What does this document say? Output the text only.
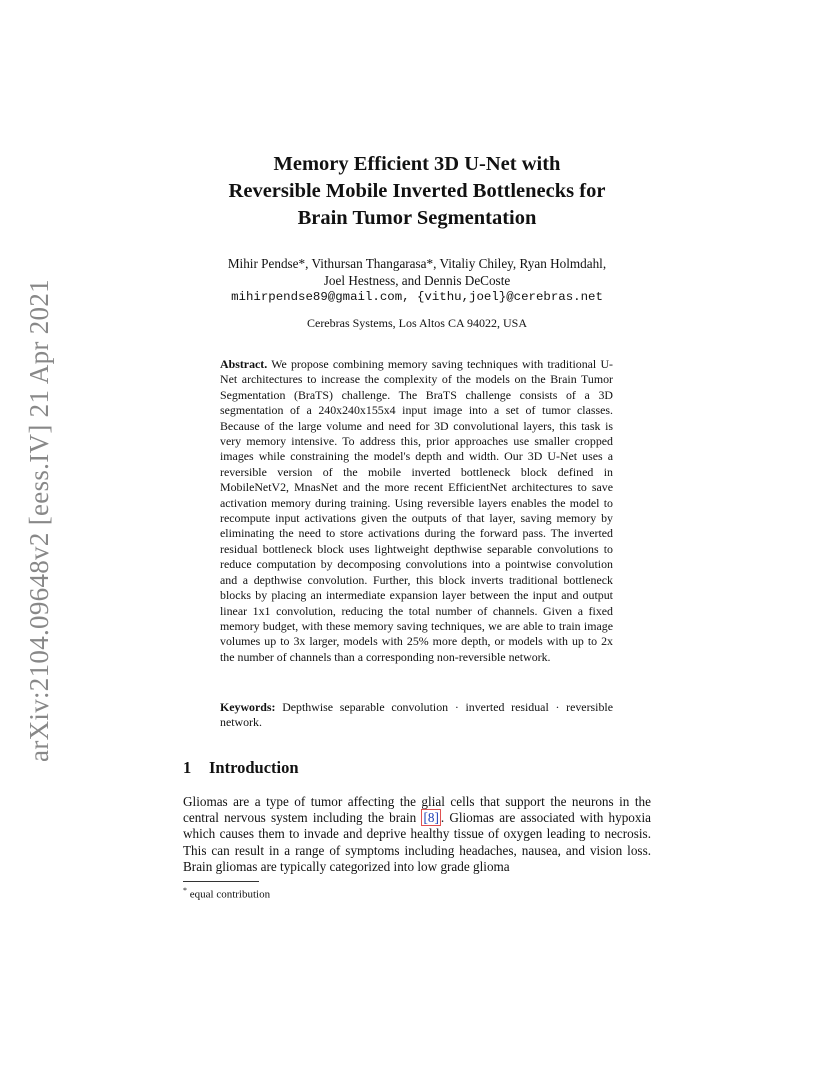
arXiv:2104.09648v2 [eess.IV] 21 Apr 2021
Memory Efficient 3D U-Net with
Reversible Mobile Inverted Bottlenecks for
Brain Tumor Segmentation
Mihir Pendse*, Vithursan Thangarasa*, Vitaliy Chiley, Ryan Holmdahl,
Joel Hestness, and Dennis DeCoste
mihirpendse89@gmail.com, {vithu,joel}@cerebras.net
Cerebras Systems, Los Altos CA 94022, USA
Abstract. We propose combining memory saving techniques with traditional U-Net architectures to increase the complexity of the models on the Brain Tumor Segmentation (BraTS) challenge. The BraTS challenge consists of a 3D segmentation of a 240x240x155x4 input image into a set of tumor classes. Because of the large volume and need for 3D convolutional layers, this task is very memory intensive. To address this, prior approaches use smaller cropped images while constraining the model's depth and width. Our 3D U-Net uses a reversible version of the mobile inverted bottleneck block defined in MobileNetV2, MnasNet and the more recent EfficientNet architectures to save activation memory during training. Using reversible layers enables the model to recompute input activations given the outputs of that layer, saving memory by eliminating the need to store activations during the forward pass. The inverted residual bottleneck block uses lightweight depthwise separable convolutions to reduce computation by decomposing convolutions into a pointwise convolution and a depthwise convolution. Further, this block inverts traditional bottleneck blocks by placing an intermediate expansion layer between the input and output linear 1x1 convolution, reducing the total number of channels. Given a fixed memory budget, with these memory saving techniques, we are able to train image volumes up to 3x larger, models with 25% more depth, or models with up to 2x the number of channels than a corresponding non-reversible network.
Keywords: Depthwise separable convolution · inverted residual · reversible network.
1 Introduction
Gliomas are a type of tumor affecting the glial cells that support the neurons in the central nervous system including the brain [8] . Gliomas are associated with hypoxia which causes them to invade and deprive healthy tissue of oxygen leading to necrosis. This can result in a range of symptoms including headaches, nausea, and vision loss. Brain gliomas are typically categorized into low grade glioma
* equal contribution
